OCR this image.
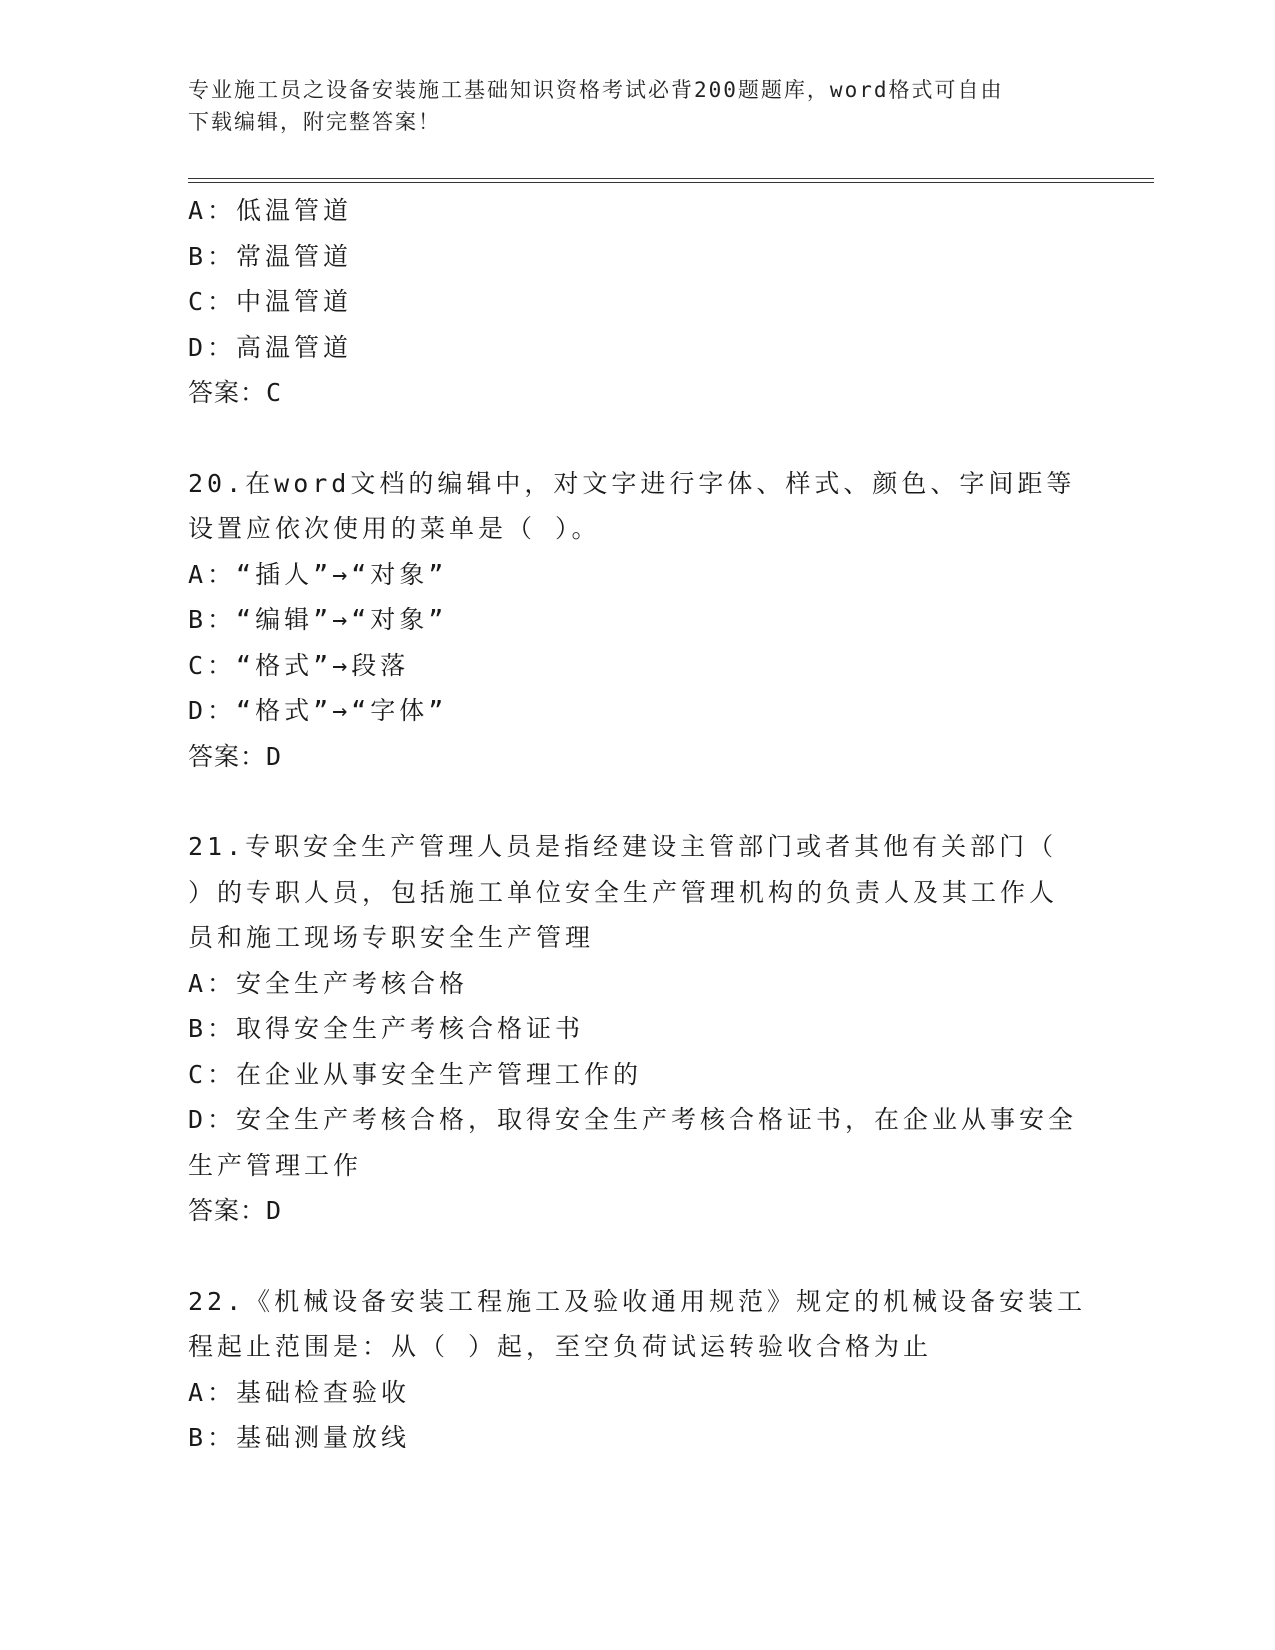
专业施工员之设备安装施工基础知识资格考试必背200题题库，word格式可自由
下载编辑，附完整答案！
A：低温管道
B：常温管道
C：中温管道
D：高温管道
答案：C
20.在word文档的编辑中，对文字进行字体、样式、颜色、字间距等
设置应依次使用的菜单是（ ）。
A：“插人”→“对象”
B：“编辑”→“对象”
C：“格式”→段落
D：“格式”→“字体”
答案：D
21.专职安全生产管理人员是指经建设主管部门或者其他有关部门（
）的专职人员，包括施工单位安全生产管理机构的负责人及其工作人
员和施工现场专职安全生产管理
A：安全生产考核合格
B：取得安全生产考核合格证书
C：在企业从事安全生产管理工作的
D：安全生产考核合格，取得安全生产考核合格证书，在企业从事安全
生产管理工作
答案：D
22.《机械设备安装工程施工及验收通用规范》规定的机械设备安装工
程起止范围是：从（ ）起，至空负荷试运转验收合格为止
A：基础检查验收
B：基础测量放线
